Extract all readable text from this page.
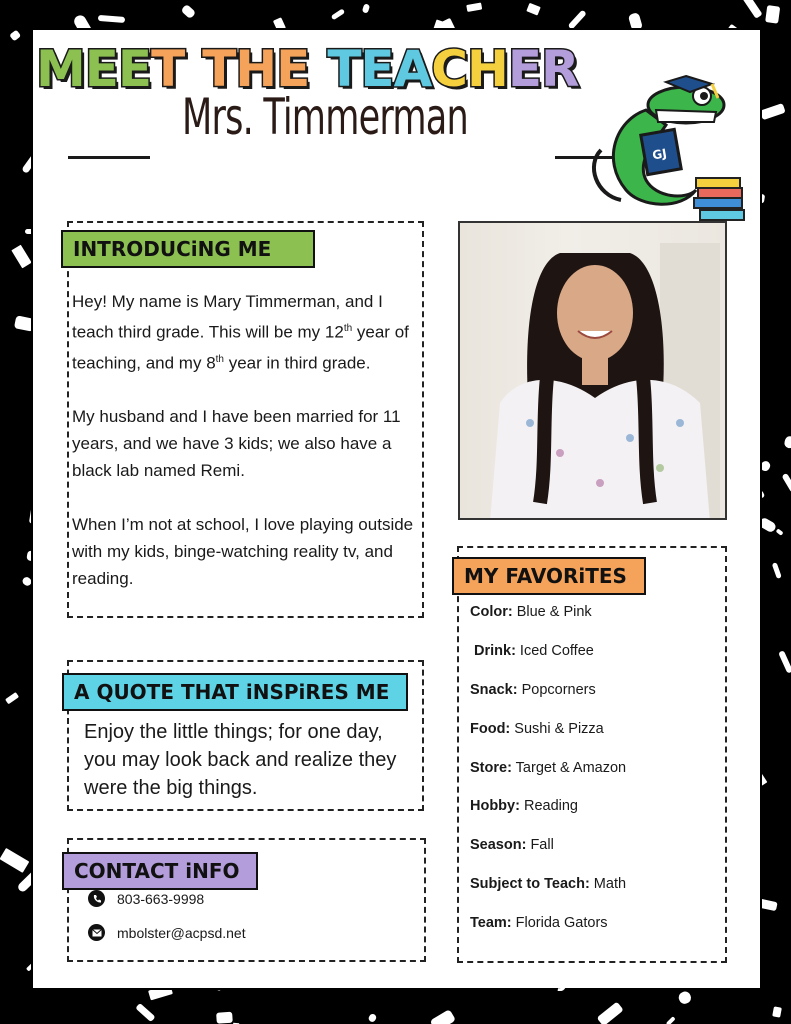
MEET THE TEACHER
Mrs. Timmerman
GJ
INTRODUCiNG ME

Hey! My name is Mary Timmerman, and I teach third grade. This will be my 12th year of teaching, and my 8th year in third grade.

My husband and I have been married for 11 years, and we have 3 kids; we also have a black lab named Remi.

When I’m not at school, I love playing outside with my kids, binge-watching reality tv, and reading.

A QUOTE THAT iNSPiRES ME
Enjoy the little things; for one day, you may look back and realize they were the big things.
CONTACT iNFO
803-663-9998
mbolster@acpsd.net
MY FAVORiTES
Color: Blue & Pink
Drink: Iced Coffee
Snack: Popcorners
Food: Sushi & Pizza
Store: Target & Amazon
Hobby: Reading
Season: Fall
Subject to Teach: Math
Team: Florida Gators
G r a n i t e v i l l e
E l e m e n t a r y
S c h o o l
